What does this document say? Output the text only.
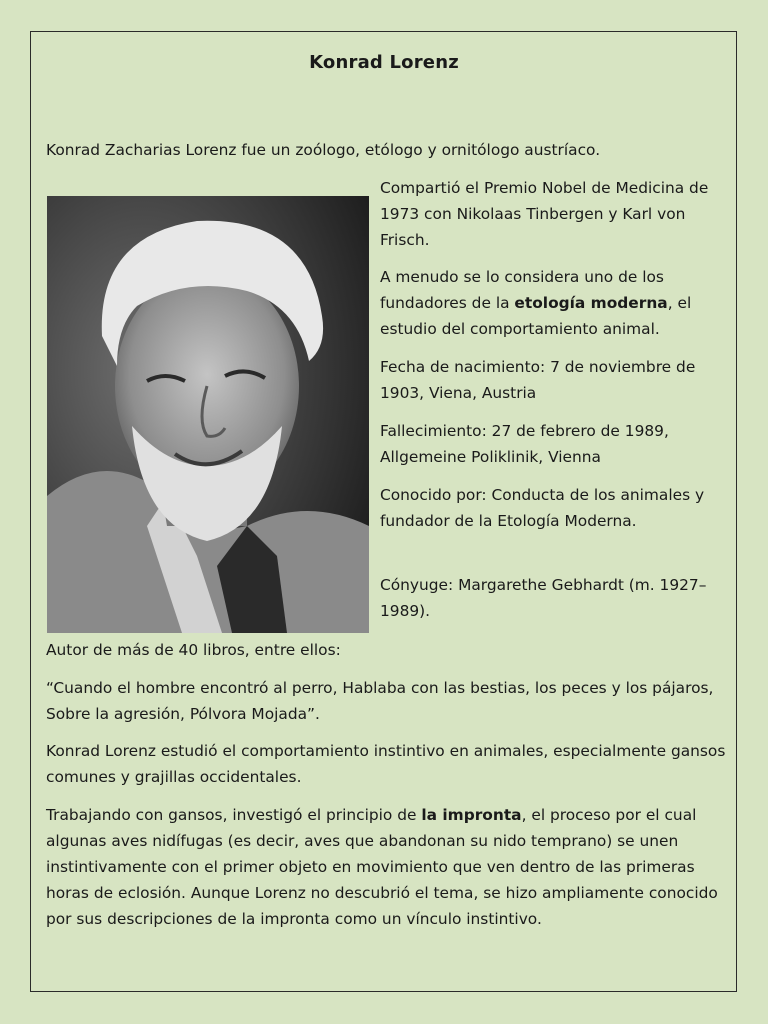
Konrad Lorenz

Konrad Zacharias Lorenz fue un zoólogo, etólogo y ornitólogo austríaco.

Compartió el Premio Nobel de Medicina de 1973 con Nikolaas Tinbergen y Karl von Frisch.

A menudo se lo considera uno de los fundadores de la etología moderna, el estudio del comportamiento animal.

Fecha de nacimiento: 7 de noviembre de 1903, Viena, Austria

Fallecimiento: 27 de febrero de 1989, Allgemeine Poliklinik, Vienna

Conocido por: Conducta de los animales y fundador de la Etología Moderna.

Cónyuge: Margarethe Gebhardt (m. 1927–1989).

Autor de más de 40 libros, entre ellos:

“Cuando el hombre encontró al perro, Hablaba con las bestias, los peces y los pájaros, Sobre la agresión, Pólvora Mojada”.

Konrad Lorenz estudió el comportamiento instintivo en animales, especialmente gansos comunes y grajillas occidentales.

Trabajando con gansos, investigó el principio de la impronta, el proceso por el cual algunas aves nidífugas (es decir, aves que abandonan su nido temprano) se unen instintivamente con el primer objeto en movimiento que ven dentro de las primeras horas de eclosión. Aunque Lorenz no descubrió el tema, se hizo ampliamente conocido por sus descripciones de la impronta como un vínculo instintivo.
